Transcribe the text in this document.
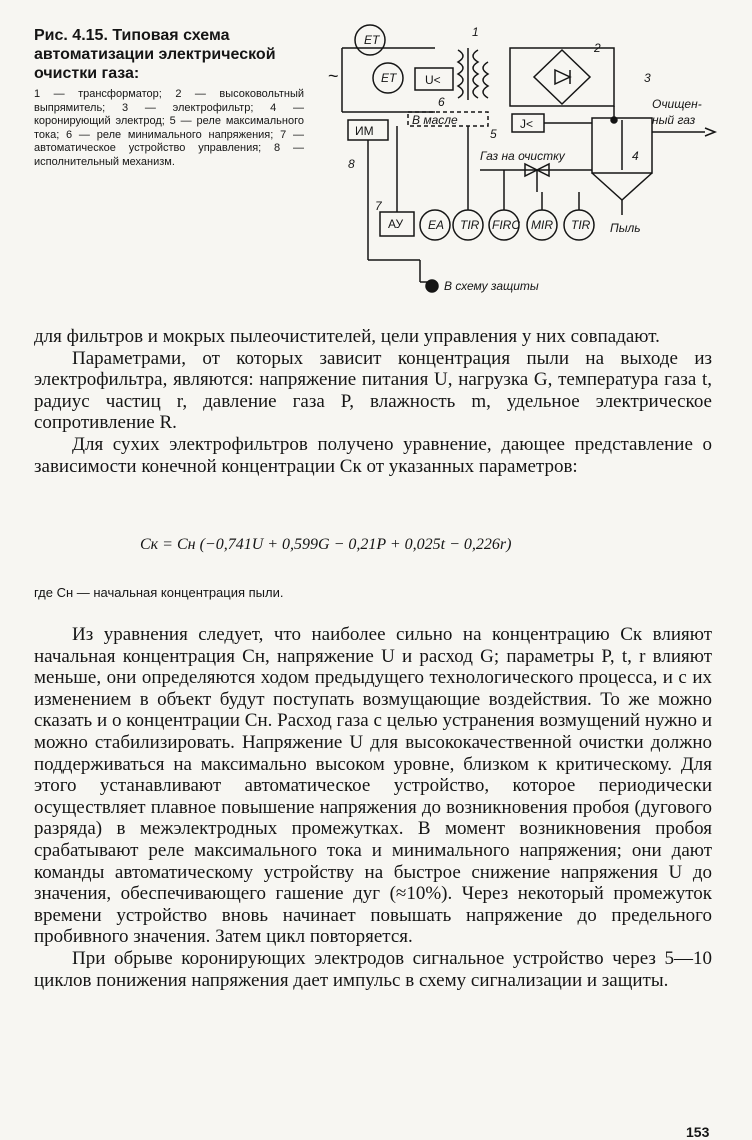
Рис. 4.15. Типовая схема автоматизации электрической очистки газа:
1 — трансформатор; 2 — высоковольтный выпрямитель; 3 — электрофильтр; 4 — коронирующий электрод; 5 — реле максимального тока; 6 — реле минимального напряжения; 7 — автоматическое устройство управления; 8 — исполнительный механизм.
~
ET
ET U<
6
1
В масле
2
3
4
Очищен-
ный газ
J<
5
Газ на очистку
Пыль
ИМ
8
АУ
7
EA TIR FIRC MIR TIR
В схему защиты

для фильтров и мокрых пылеочистителей, цели управления у них совпадают.

Параметрами, от которых зависит концентрация пыли на выходе из электрофильтра, являются: напряжение питания U, нагрузка G, температура газа t, радиус частиц r, давление газа P, влажность m, удельное электрическое сопротивление R.

Для сухих электрофильтров получено уравнение, дающее представление о зависимости конечной концентрации Cк от указанных параметров:

Cк = Cн (−0,741U + 0,599G − 0,21P + 0,025t − 0,226r)
где Cн — начальная концентрация пыли.

Из уравнения следует, что наиболее сильно на концентрацию Cк влияют начальная концентрация Cн, напряжение U и расход G; параметры P, t, r влияют меньше, они определяются ходом предыдущего технологического процесса, и с их изменением в объект будут поступать возмущающие воздействия. То же можно сказать и о концентрации Cн. Расход газа с целью устранения возмущений нужно и можно стабилизировать. Напряжение U для высококачественной очистки должно поддерживаться на максимально высоком уровне, близком к критическому. Для этого устанавливают автоматическое устройство, которое периодически осуществляет плавное повышение напряжения до возникновения пробоя (дугового разряда) в межэлектродных промежутках. В момент возникновения пробоя срабатывают реле максимального тока и минимального напряжения; они дают команды автоматическому устройству на быстрое снижение напряжения U до значения, обеспечивающего гашение дуг (≈10%). Через некоторый промежуток времени устройство вновь начинает повышать напряжение до предельного пробивного значения. Затем цикл повторяется.

При обрыве коронирующих электродов сигнальное устройство через 5—10 циклов понижения напряжения дает импульс в схему сигнализации и защиты.

153
